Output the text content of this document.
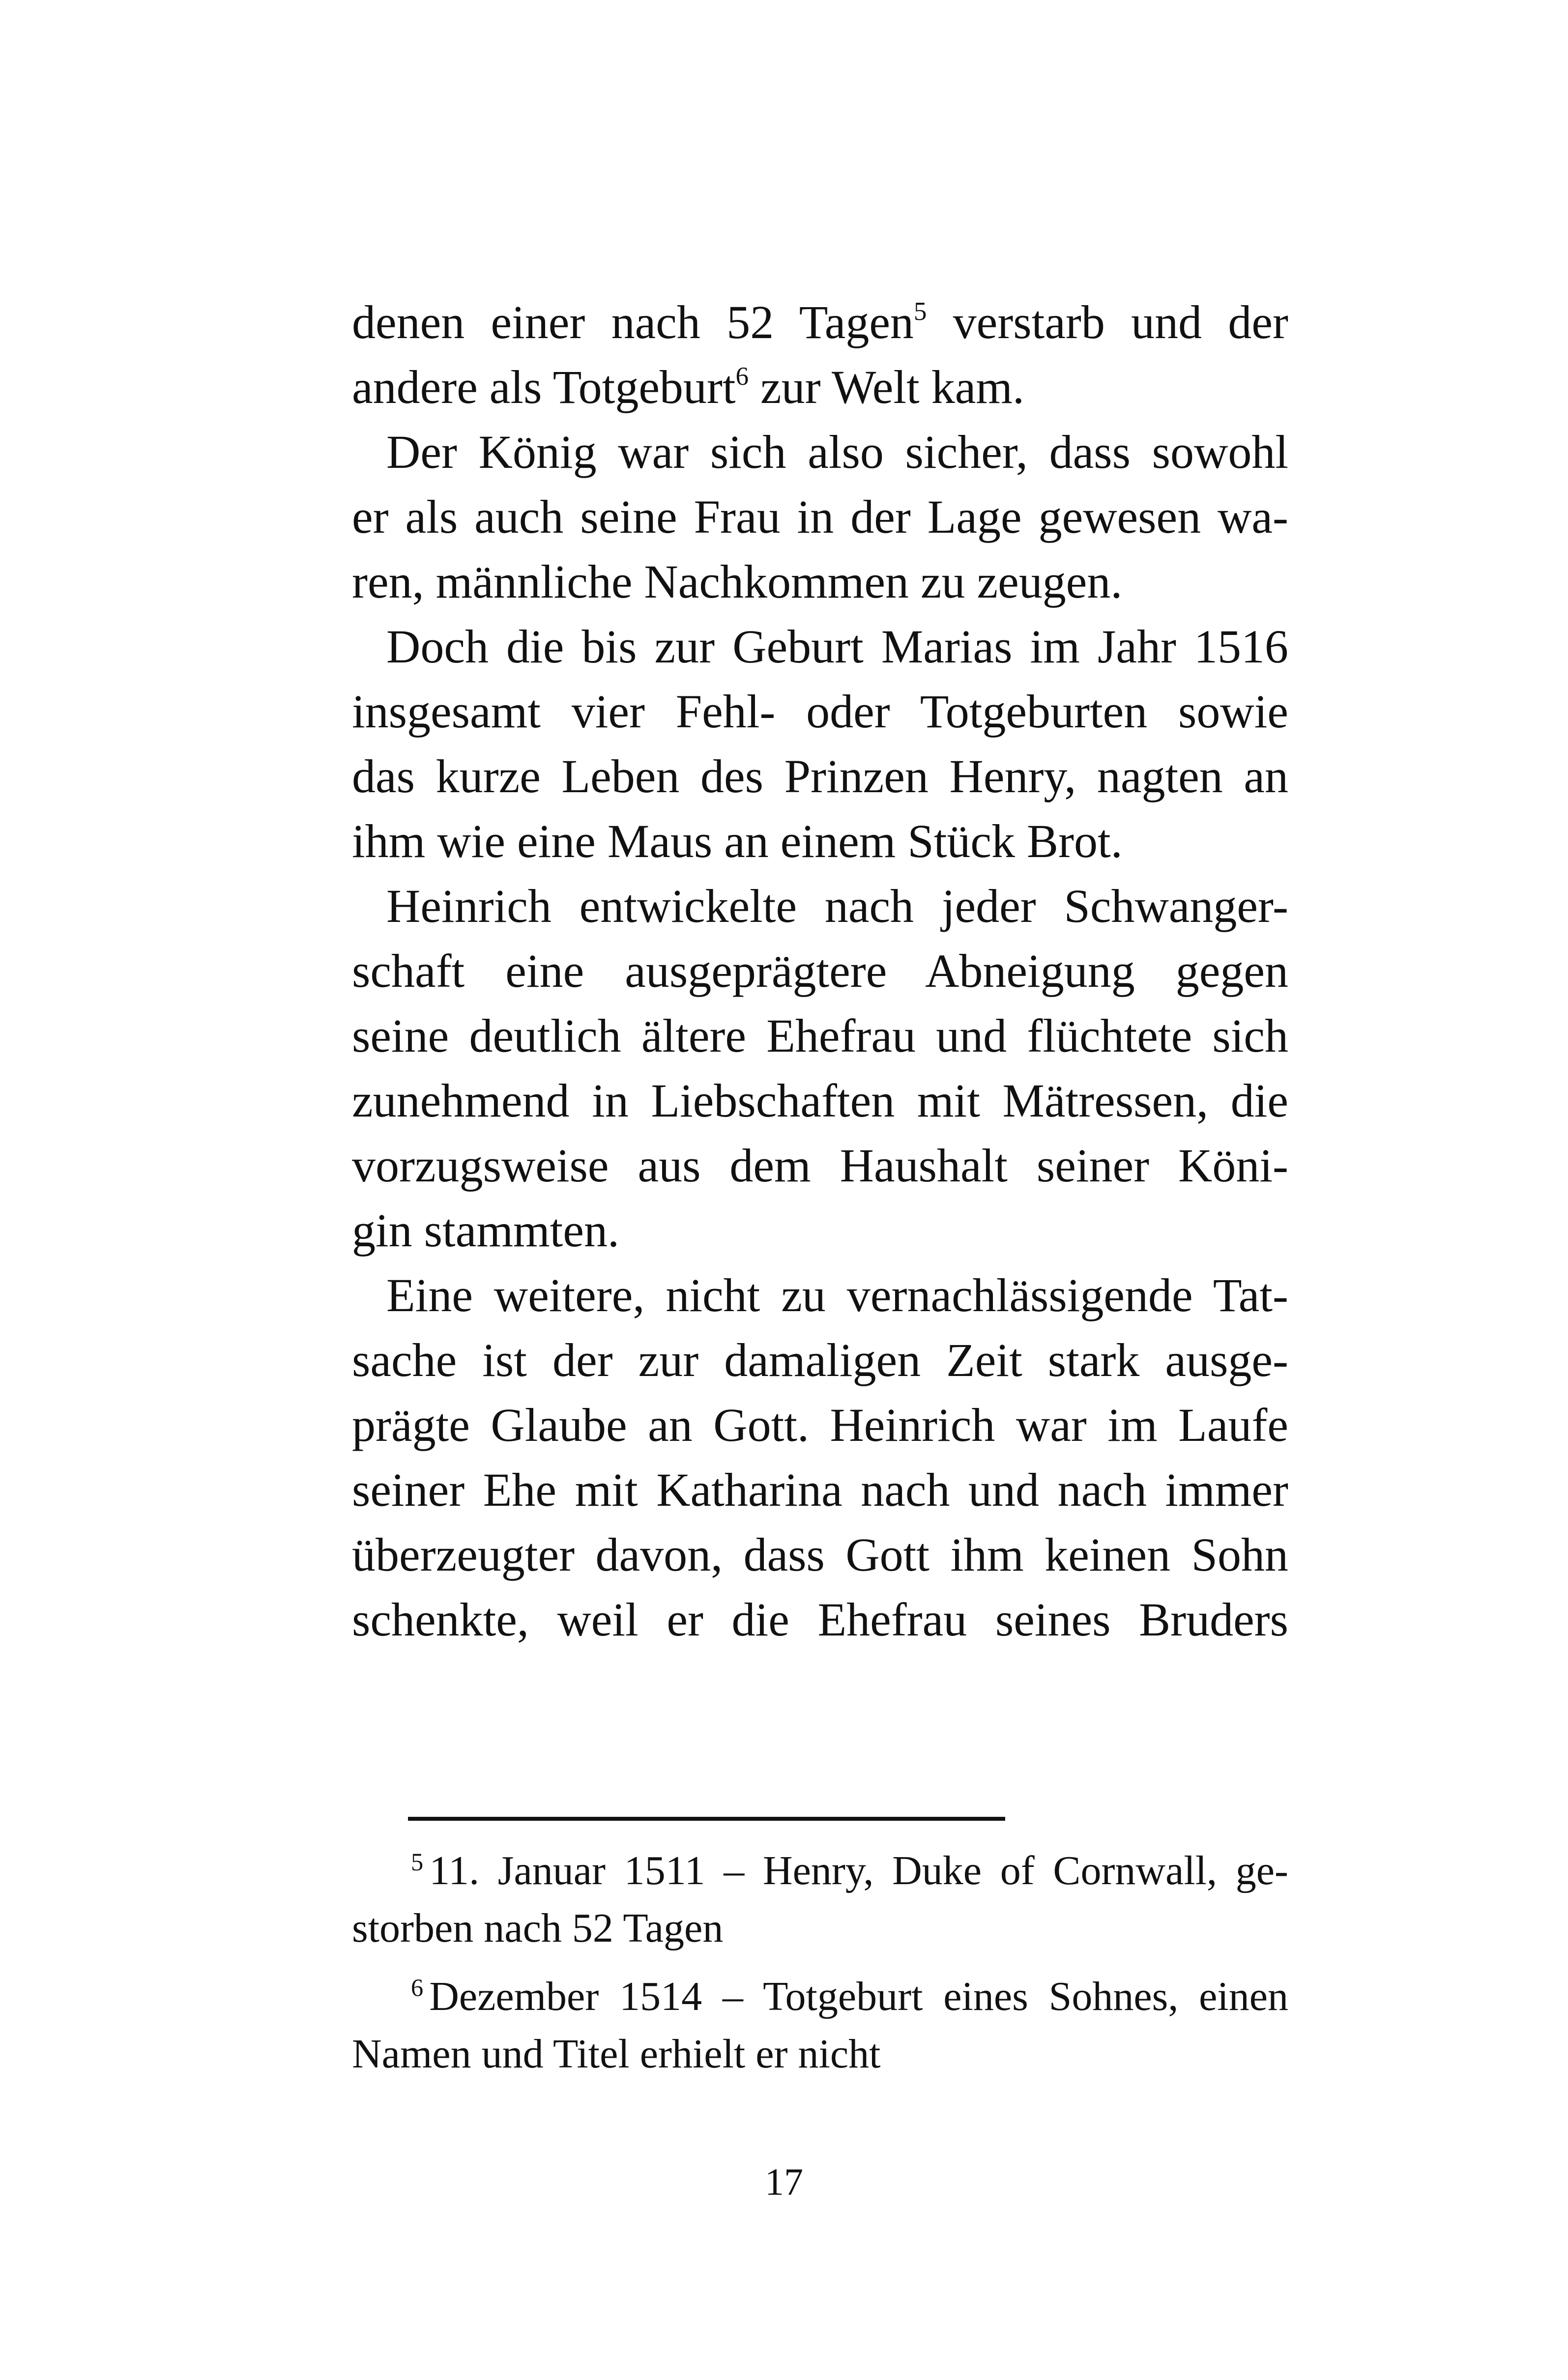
denen einer nach 52 Tagen$^5$ verstarb und der
andere als Totgeburt$^6$ zur Welt kam.
Der König war sich also sicher, dass sowohl
er als auch seine Frau in der Lage gewesen wa-
ren, männliche Nachkommen zu zeugen.
Doch die bis zur Geburt Marias im Jahr 1516
insgesamt vier Fehl- oder Totgeburten sowie
das kurze Leben des Prinzen Henry, nagten an
ihm wie eine Maus an einem Stück Brot.
Heinrich entwickelte nach jeder Schwanger-
schaft eine ausgeprägtere Abneigung gegen
seine deutlich ältere Ehefrau und flüchtete sich
zunehmend in Liebschaften mit Mätressen, die
vorzugsweise aus dem Haushalt seiner Köni-
gin stammten.
Eine weitere, nicht zu vernachlässigende Tat-
sache ist der zur damaligen Zeit stark ausge-
prägte Glaube an Gott. Heinrich war im Laufe
seiner Ehe mit Katharina nach und nach immer
überzeugter davon, dass Gott ihm keinen Sohn
schenkte, weil er die Ehefrau seines Bruders
$^5$ 11. Januar 1511 – Henry, Duke of Cornwall, ge-
storben nach 52 Tagen
$^6$ Dezember 1514 – Totgeburt eines Sohnes, einen
Namen und Titel erhielt er nicht
17
